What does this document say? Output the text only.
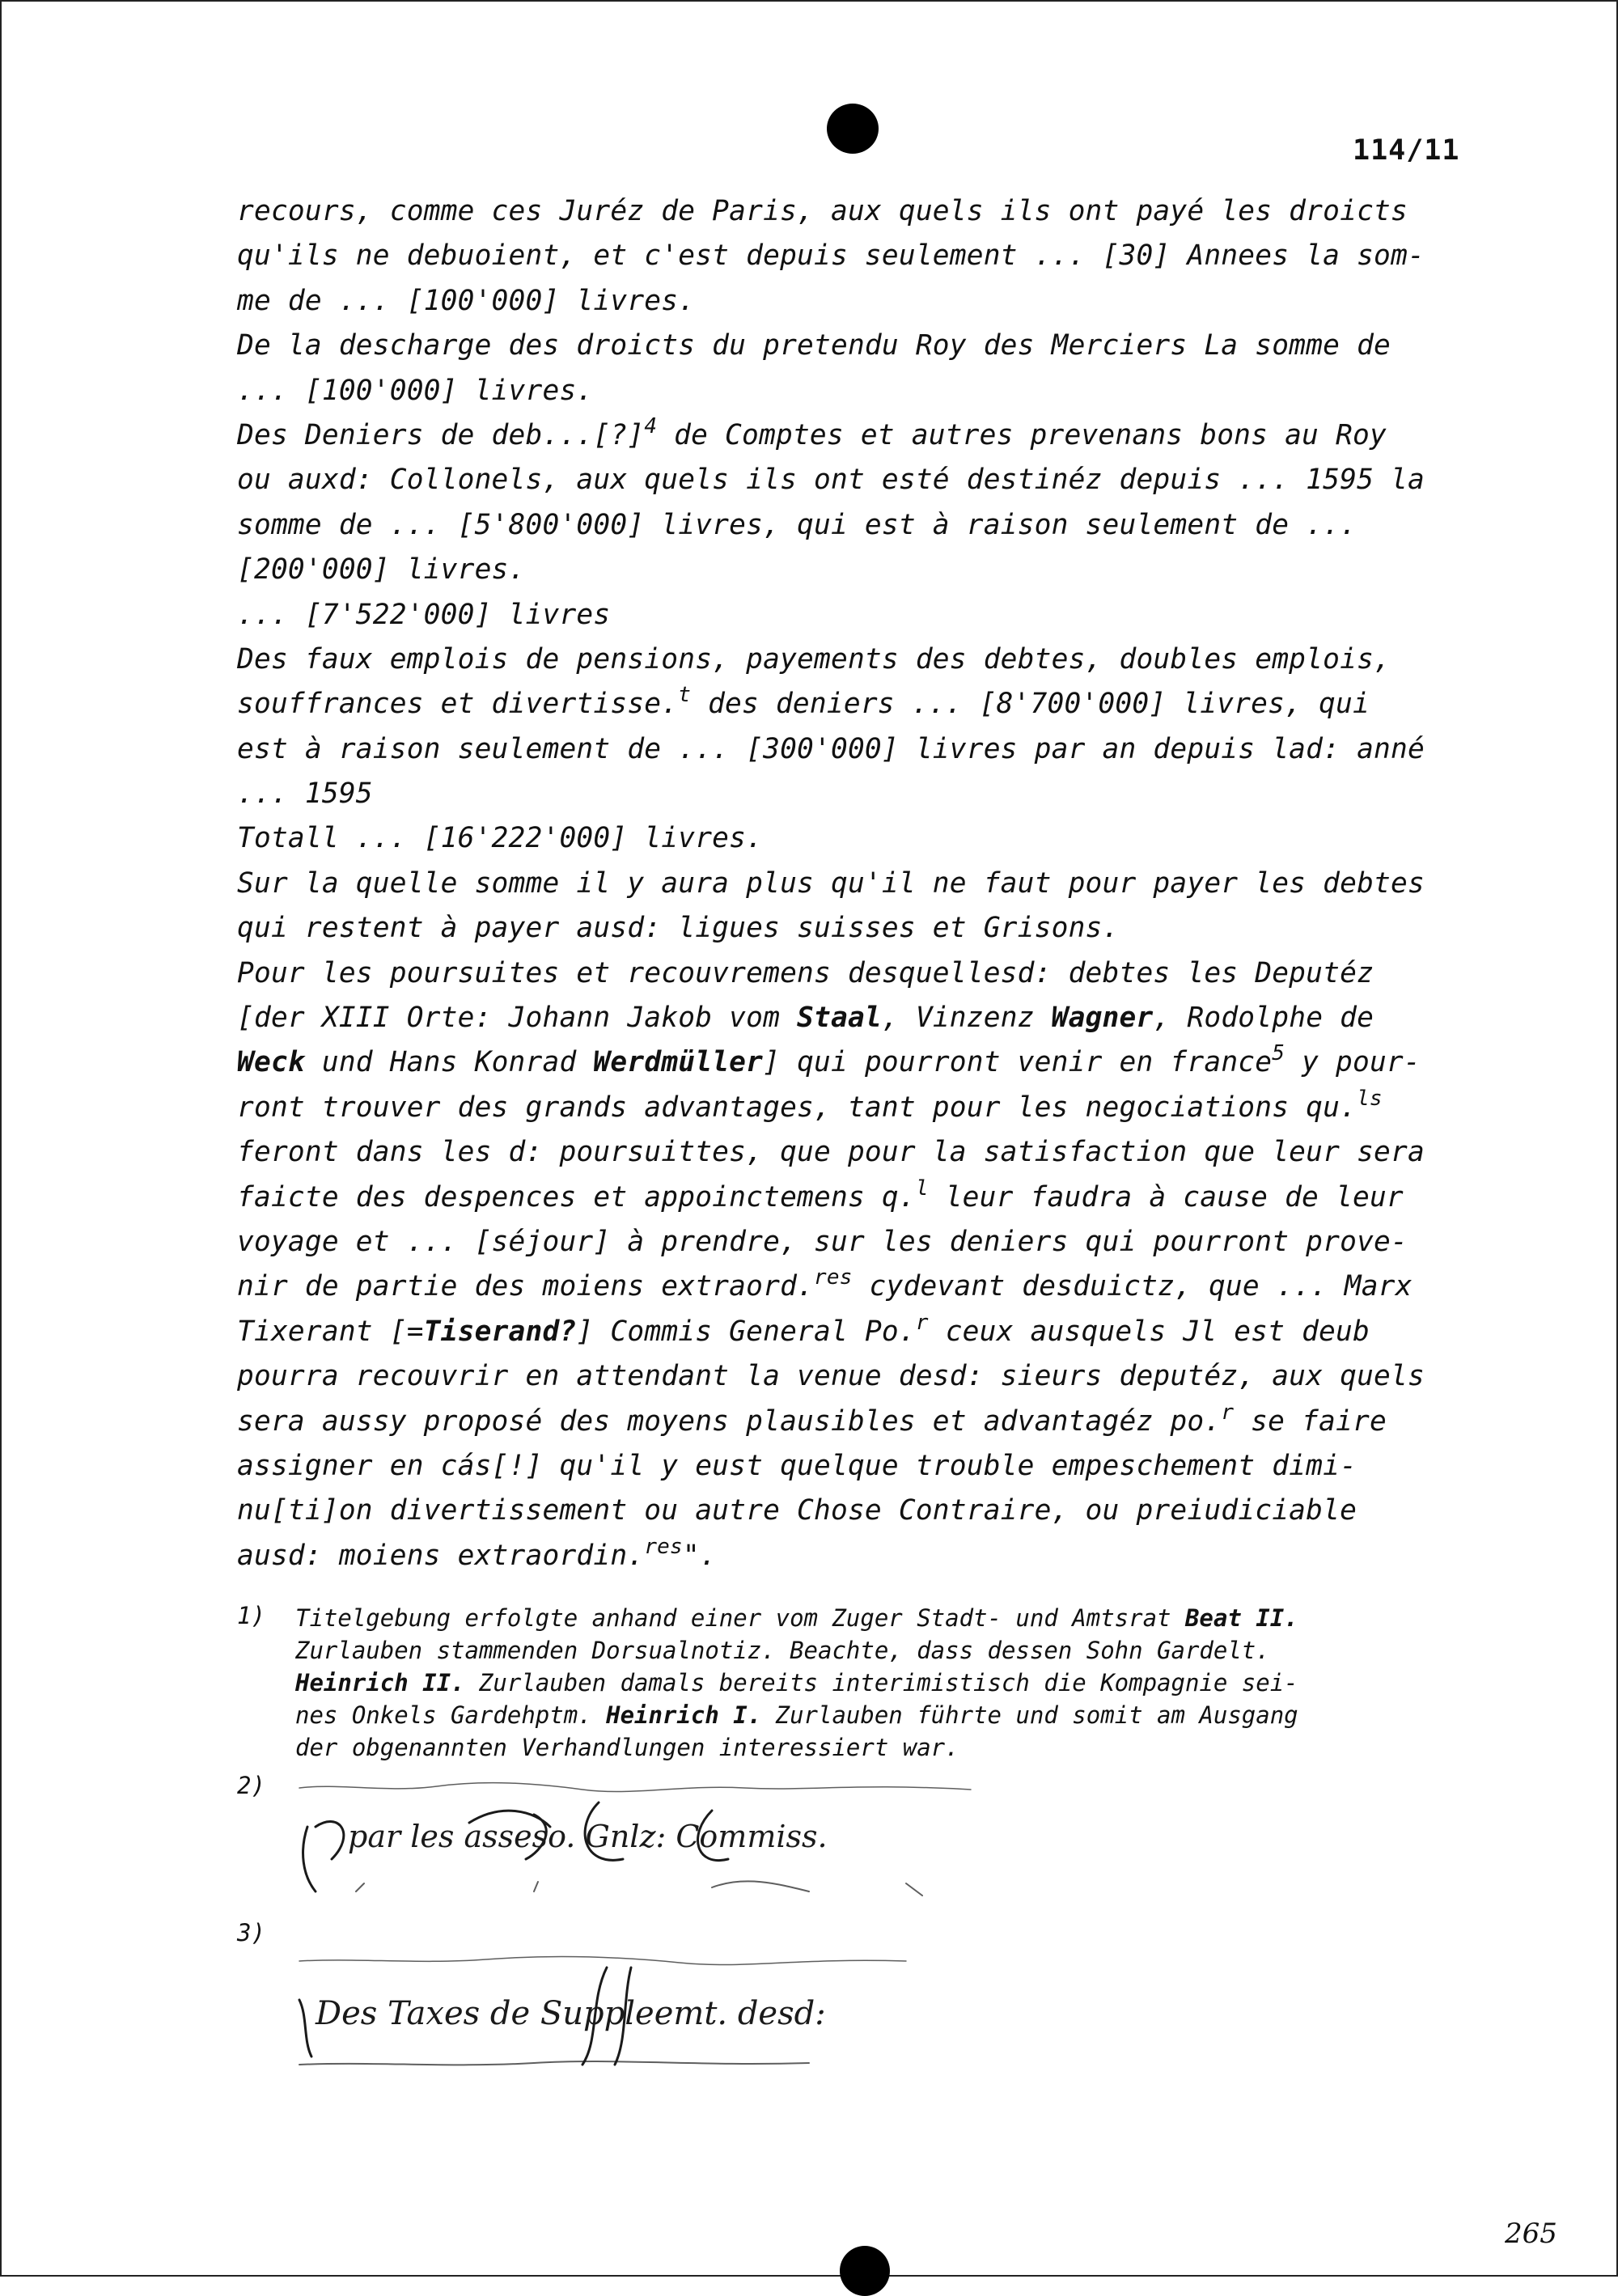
114/11
recours, comme ces Juréz de Paris, aux quels ils ont payé les droicts
qu'ils ne debuoient, et c'est depuis seulement ... [30] Annees la som-
me de ... [100'000] livres.
De la descharge des droicts du pretendu Roy des Merciers La somme de
... [100'000] livres.
Des Deniers de deb...[?]$^4$ de Comptes et autres prevenans bons au Roy
ou auxd: Collonels, aux quels ils ont esté destinéz depuis ... 1595 la
somme de ... [5'800'000] livres, qui est à raison seulement de ...
[200'000] livres.
... [7'522'000] livres
Des faux emplois de pensions, payements des debtes, doubles emplois,
souffrances et divertisse.$^t$ des deniers ... [8'700'000] livres, qui
est à raison seulement de ... [300'000] livres par an depuis lad: anné
... 1595
Totall ... [16'222'000] livres.
Sur la quelle somme il y aura plus qu'il ne faut pour payer les debtes
qui restent à payer ausd: ligues suisses et Grisons.
Pour les poursuites et recouvremens desquellesd: debtes les Deputéz
[der XIII Orte: Johann Jakob vom Staal, Vinzenz Wagner, Rodolphe de
Weck und Hans Konrad Werdmüller] qui pourront venir en france$^5$ y pour-
ront trouver des grands advantages, tant pour les negociations qu.$^{ls}$
feront dans les d: poursuittes, que pour la satisfaction que leur sera
faicte des despences et appoinctemens q.$^l$ leur faudra à cause de leur
voyage et ... [séjour] à prendre, sur les deniers qui pourront prove-
nir de partie des moiens extraord.$^{res}$ cydevant desduictz, que ... Marx
Tixerant [=Tiserand?] Commis General Po.$^r$ ceux ausquels Jl est deub
pourra recouvrir en attendant la venue desd: sieurs deputéz, aux quels
sera aussy proposé des moyens plausibles et advantagéz po.$^r$ se faire
assigner en cás[!] qu'il y eust quelque trouble empeschement dimi-
nu[ti]on divertissement ou autre Chose Contraire, ou preiudiciable
ausd: moiens extraordin.$^{res}$".
1) Titelgebung erfolgte anhand einer vom Zuger Stadt- und Amtsrat Beat II.
Zurlauben stammenden Dorsualnotiz. Beachte, dass dessen Sohn Gardelt.
Heinrich II. Zurlauben damals bereits interimistisch die Kompagnie sei-
nes Onkels Gardehptm. Heinrich I. Zurlauben führte und somit am Ausgang
der obgenannten Verhandlungen interessiert war.
2)
par les asseso. Gnlz: Commiss.
3)
Des Taxes de Suppleemt. desd:
265
